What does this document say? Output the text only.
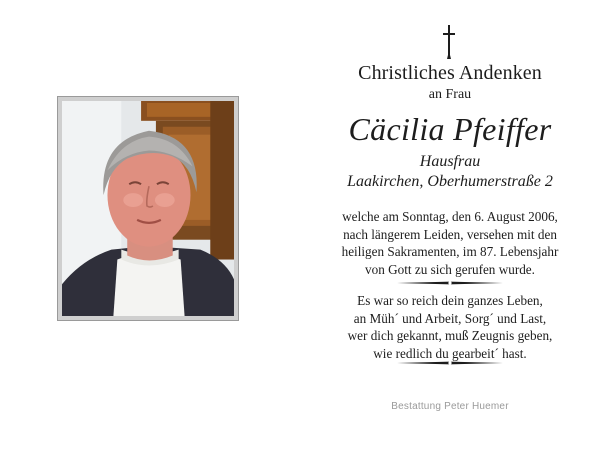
Christliches Andenken
an Frau
Cäcilia Pfeiffer
Hausfrau
Laakirchen, Oberhumerstraße 2
welche am Sonntag, den 6. August 2006,
nach längerem Leiden, versehen mit den
heiligen Sakramenten, im 87. Lebensjahr
von Gott zu sich gerufen wurde.
Es war so reich dein ganzes Leben,
an Müh´ und Arbeit, Sorg´ und Last,
wer dich gekannt, muß Zeugnis geben,
wie redlich du gearbeit´ hast.
Bestattung Peter Huemer
